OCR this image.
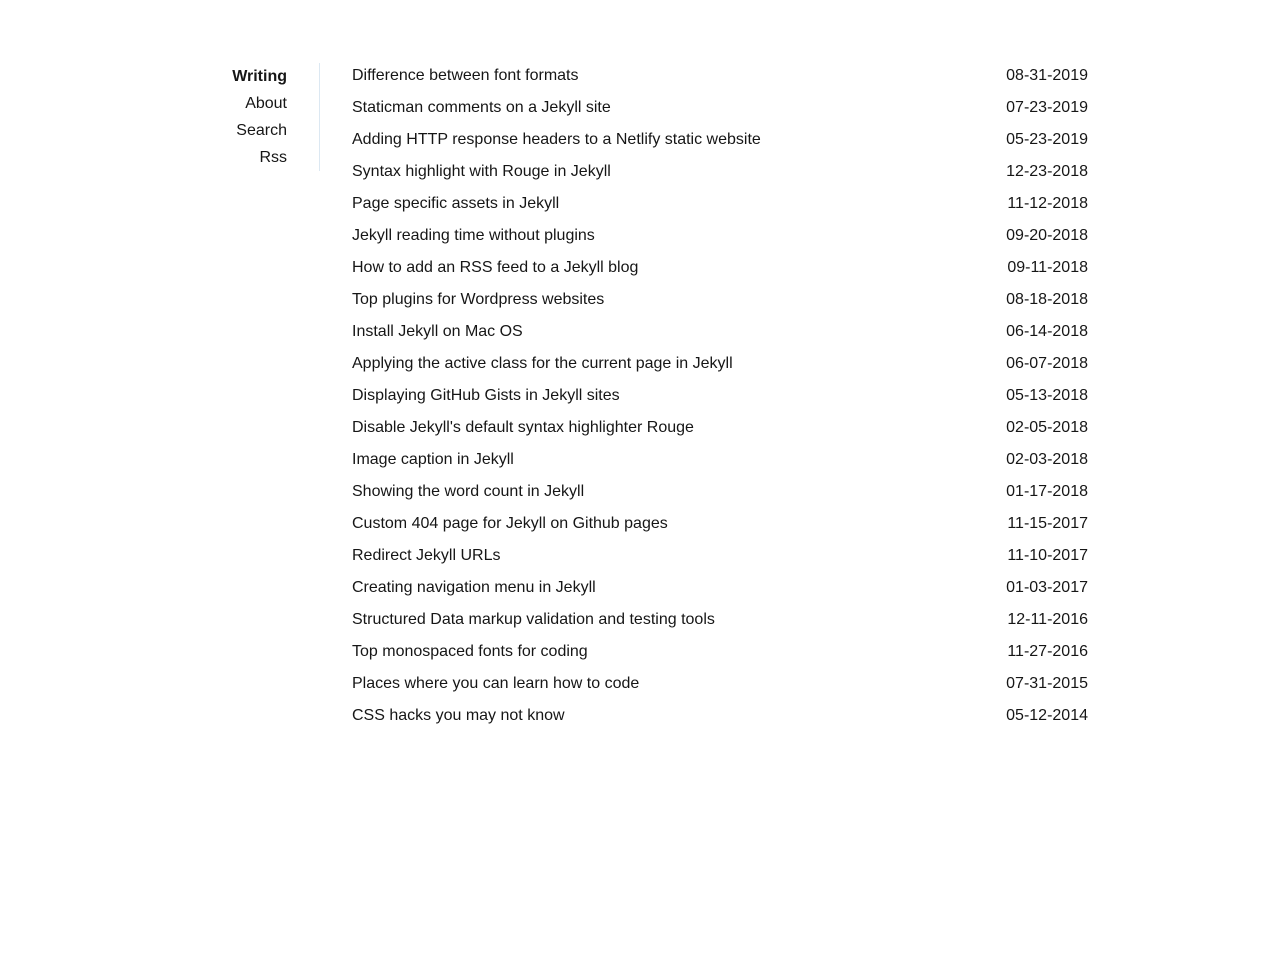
Writing
About
Search
Rss
Difference between font formats	08-31-2019
Staticman comments on a Jekyll site	07-23-2019
Adding HTTP response headers to a Netlify static website	05-23-2019
Syntax highlight with Rouge in Jekyll	12-23-2018
Page specific assets in Jekyll	11-12-2018
Jekyll reading time without plugins	09-20-2018
How to add an RSS feed to a Jekyll blog	09-11-2018
Top plugins for Wordpress websites	08-18-2018
Install Jekyll on Mac OS	06-14-2018
Applying the active class for the current page in Jekyll	06-07-2018
Displaying GitHub Gists in Jekyll sites	05-13-2018
Disable Jekyll's default syntax highlighter Rouge	02-05-2018
Image caption in Jekyll	02-03-2018
Showing the word count in Jekyll	01-17-2018
Custom 404 page for Jekyll on Github pages	11-15-2017
Redirect Jekyll URLs	11-10-2017
Creating navigation menu in Jekyll	01-03-2017
Structured Data markup validation and testing tools	12-11-2016
Top monospaced fonts for coding	11-27-2016
Places where you can learn how to code	07-31-2015
CSS hacks you may not know	05-12-2014
